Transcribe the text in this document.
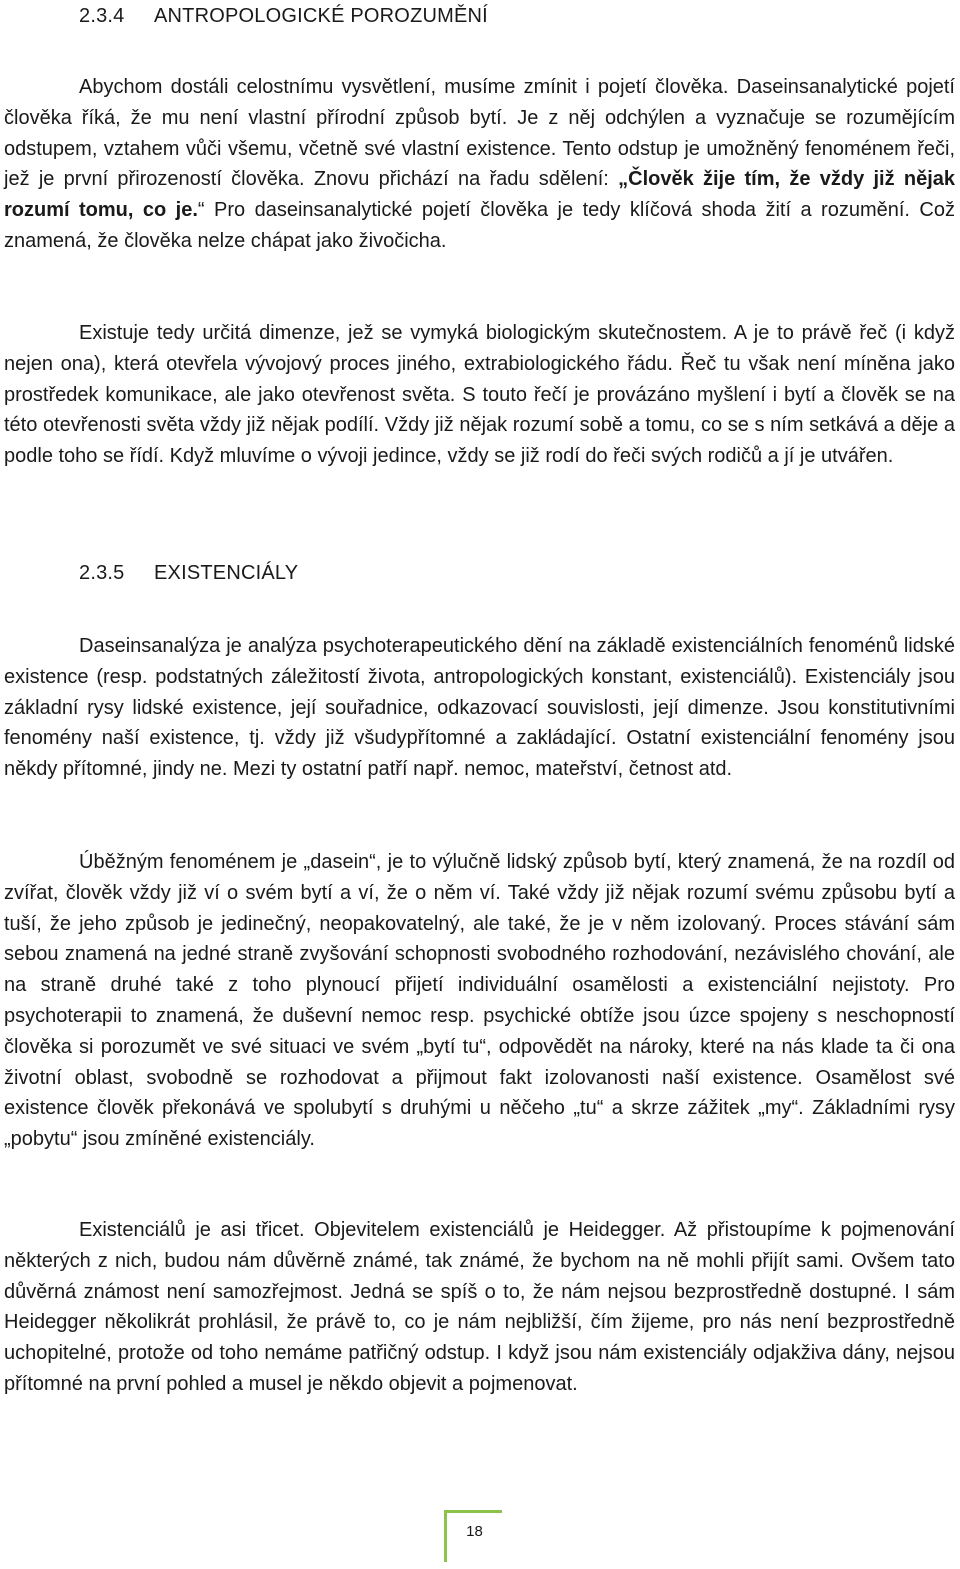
2.3.4 ANTROPOLOGICKÉ POROZUMĚNÍ

Abychom dostáli celostnímu vysvětlení, musíme zmínit i pojetí člověka. Daseinsanalytické pojetí člověka říká, že mu není vlastní přírodní způsob bytí. Je z něj odchýlen a vyznačuje se rozumějícím odstupem, vztahem vůči všemu, včetně své vlastní existence. Tento odstup je umožněný fenoménem řeči, jež je první přirozeností člověka. Znovu přichází na řadu sdělení: „Člověk žije tím, že vždy již nějak rozumí tomu, co je.“ Pro daseinsanalytické pojetí člověka je tedy klíčová shoda žití a rozumění. Což znamená, že člověka nelze chápat jako živočicha.

Existuje tedy určitá dimenze, jež se vymyká biologickým skutečnostem. A je to právě řeč (i když nejen ona), která otevřela vývojový proces jiného, extrabiologického řádu. Řeč tu však není míněna jako prostředek komunikace, ale jako otevřenost světa. S touto řečí je provázáno myšlení i bytí a člověk se na této otevřenosti světa vždy již nějak podílí. Vždy již nějak rozumí sobě a tomu, co se s ním setkává a děje a podle toho se řídí. Když mluvíme o vývoji jedince, vždy se již rodí do řeči svých rodičů a jí je utvářen.

2.3.5 EXISTENCIÁLY

Daseinsanalýza je analýza psychoterapeutického dění na základě existenciálních fenoménů lidské existence (resp. podstatných záležitostí života, antropologických konstant, existenciálů). Existenciály jsou základní rysy lidské existence, její souřadnice, odkazovací souvislosti, její dimenze. Jsou konstitutivními fenomény naší existence, tj. vždy již všudypřítomné a zakládající. Ostatní existenciální fenomény jsou někdy přítomné, jindy ne. Mezi ty ostatní patří např. nemoc, mateřství, četnost atd.

Úběžným fenoménem je „dasein“, je to výlučně lidský způsob bytí, který znamená, že na rozdíl od zvířat, člověk vždy již ví o svém bytí a ví, že o něm ví. Také vždy již nějak rozumí svému způsobu bytí a tuší, že jeho způsob je jedinečný, neopakovatelný, ale také, že je v něm izolovaný. Proces stávání sám sebou znamená na jedné straně zvyšování schopnosti svobodného rozhodování, nezávislého chování, ale na straně druhé také z toho plynoucí přijetí individuální osamělosti a existenciální nejistoty. Pro psychoterapii to znamená, že duševní nemoc resp. psychické obtíže jsou úzce spojeny s neschopností člověka si porozumět ve své situaci ve svém „bytí tu“, odpovědět na nároky, které na nás klade ta či ona životní oblast, svobodně se rozhodovat a přijmout fakt izolovanosti naší existence. Osamělost své existence člověk překonává ve spolubytí s druhými u něčeho „tu“ a skrze zážitek „my“. Základními rysy „pobytu“ jsou zmíněné existenciály.

Existenciálů je asi třicet. Objevitelem existenciálů je Heidegger. Až přistoupíme k pojmenování některých z nich, budou nám důvěrně známé, tak známé, že bychom na ně mohli přijít sami. Ovšem tato důvěrná známost není samozřejmost. Jedná se spíš o to, že nám nejsou bezprostředně dostupné. I sám Heidegger několikrát prohlásil, že právě to, co je nám nejbližší, čím žijeme, pro nás není bezprostředně uchopitelné, protože od toho nemáme patřičný odstup. I když jsou nám existenciály odjakživa dány, nejsou přítomné na první pohled a musel je někdo objevit a pojmenovat.

18
